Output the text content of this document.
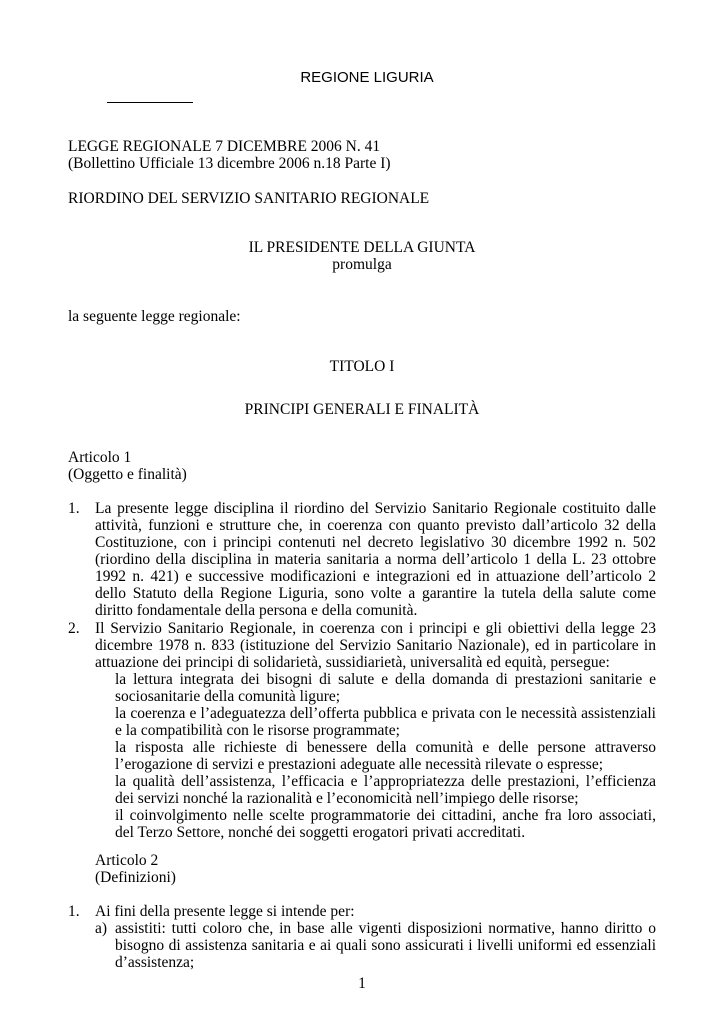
REGIONE LIGURIA

LEGGE REGIONALE 7 DICEMBRE 2006 N. 41

(Bollettino Ufficiale 13 dicembre 2006 n.18 Parte I)

RIORDINO DEL SERVIZIO SANITARIO REGIONALE

IL PRESIDENTE DELLA GIUNTA

promulga

la seguente legge regionale:
TITOLO I
PRINCIPI GENERALI E FINALITÀ

Articolo 1

(Oggetto e finalità)

1. La presente legge disciplina il riordino del Servizio Sanitario Regionale costituito dalle attività, funzioni e strutture che, in coerenza con quanto previsto dall’articolo 32 della Costituzione, con i principi contenuti nel decreto legislativo 30 dicembre 1992 n. 502 (riordino della disciplina in materia sanitaria a norma dell’articolo 1 della L. 23 ottobre 1992 n. 421) e successive modificazioni e integrazioni ed in attuazione dell’articolo 2 dello Statuto della Regione Liguria, sono volte a garantire la tutela della salute come diritto fondamentale della persona e della comunità.
2. Il Servizio Sanitario Regionale, in coerenza con i principi e gli obiettivi della legge 23 dicembre 1978 n. 833 (istituzione del Servizio Sanitario Nazionale), ed in particolare in attuazione dei principi di solidarietà, sussidiarietà, universalità ed equità, persegue:

la lettura integrata dei bisogni di salute e della domanda di prestazioni sanitarie e sociosanitarie della comunità ligure;

la coerenza e l’adeguatezza dell’offerta pubblica e privata con le necessità assistenziali e la compatibilità con le risorse programmate;

la risposta alle richieste di benessere della comunità e delle persone attraverso l’erogazione di servizi e prestazioni adeguate alle necessità rilevate o espresse;

la qualità dell’assistenza, l’efficacia e l’appropriatezza delle prestazioni, l’efficienza dei servizi nonché la razionalità e l’economicità nell’impiego delle risorse;

il coinvolgimento nelle scelte programmatorie dei cittadini, anche fra loro associati, del Terzo Settore, nonché dei soggetti erogatori privati accreditati.

Articolo 2

(Definizioni)

1. Ai fini della presente legge si intende per:

a) assistiti: tutti coloro che, in base alle vigenti disposizioni normative, hanno diritto o bisogno di assistenza sanitaria e ai quali sono assicurati i livelli uniformi ed essenziali d’assistenza;

1
